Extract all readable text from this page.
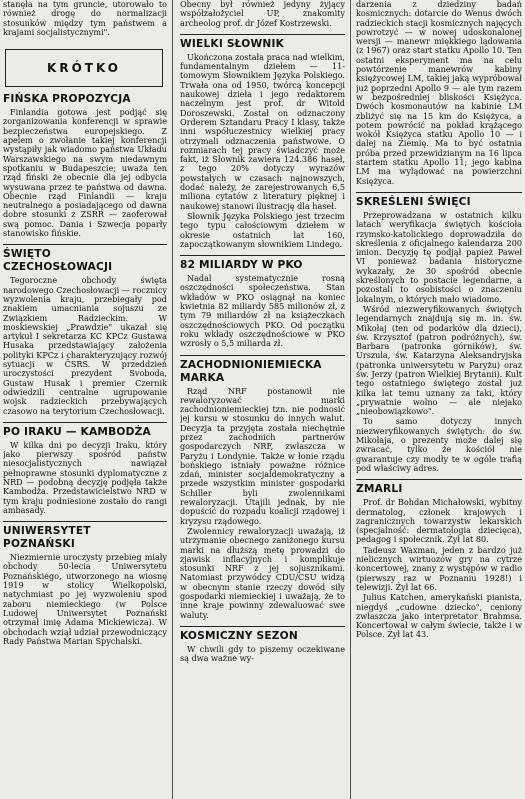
stanęła na tym gruncie, utorowało to również drogę do normalizacji stosunków między tym państwem a krajami socjalistycznymi".

KRÓTKO
FIŃSKA PROPOZYCJA

Finlandia gotowa jest podjąć się zorganizowania konferencji w sprawie bezpieczeństwa europejskiego. Z apelem o zwołanie takiej konferencji wystąpiły jak wiadomo państwa Układu Warszawskiego na swym niedawnym spotkaniu w Budapeszcie; uważa ten rząd fiński że obecnie dla jej odbycia wysuwana przez te państwa od dawna. Obecnie rząd Finlandii — kraju neutralnego a posiadającego od dawna dobre stosunki z ZSRR — zaoferował swą pomoc. Dania i Szwecja poparły stanowisko fińskie.

ŚWIĘTO
CZECHOSŁOWACJI

Tegoroczne obchody święta narodowego Czechosłowacji — rocznicy wyzwolenia kraju, przebiegały pod znakiem umacniania sojuszu ze Związkiem Radzieckim. W moskiewskiej „Prawdzie" ukazał się artykuł I sekretarza KC KPCz Gustawa Husaka przedstawiający założenia polityki KPCz i charakteryzujący rozwój sytuacji w ČSRS. W przeddzień uroczystości prezydent Svoboda, Gustaw Husak i premier Czernik odwiedzili centralne ugrupowanie wojsk radzieckich przebywających czasowo na terytorium Czechosłowacji.

PO IRAKU — KAMBODŻA

W kilka dni po decyzji Iraku, który jako pierwszy spośród państw niesocjalistycznych nawiązał pełnoprawne stosunki dyplomatyczne z NRD — podobną decyzję podjęła także Kambodża. Przedstawicielstwo NRD w tym kraju podniesione zostało do rangi ambasady.

UNIWERSYTET
POZNAŃSKI

Niezmiernie uroczysty przebieg miały obchody 50-lecia Uniwersytetu Poznańskiego, utworzonego na wiosnę 1919 w stolicy Wielkopolski, natychmiast po jej wyzwoleniu spod zaboru niemieckiego (w Polsce Ludowej Uniwersytet Poznański otrzymał imię Adama Mickiewicza). W obchodach wziął udział przewodniczący Rady Państwa Marian Spychalski.

Obecny był również jedyny żyjący współzałożyciel UP, znakomity archeolog prof. dr Józef Kostrzewski.

WIELKI SŁOWNIK

Ukończona została praca nad wielkim, fundamentalnym dziełem — 11-tomowym Słownikiem Języka Polskiego. Trwała ona od 1950, twórcą koncepcji naukowej dzieła i jego redaktorem naczelnym jest prof. dr Witold Doroszewski. Został on odznaczony Orderem Sztandaru Pracy I klasy, także inni współuczestnicy wielkiej pracy otrzymali odznaczenia państwowe. O rozmiarach tej pracy świadczyć może fakt, iż Słownik zawiera 124.386 haseł, z tego 20% dotyczy wyrazów powstałych w czasach najnowszych, dodać należy, że zarejestrowanych 6,5 miliona cytatów z literatury pięknej i naukowej stanowi ilustrację dla haseł.

Słownik Języka Polskiego jest trzecim tego typu całościowym dziełem w okresie ostatnich lat 160, zapoczątkowanym słownikiem Lindego.

82 MILIARDY W PKO

Nadal systematycznie rosną oszczędności społeczeństwa. Stan wkładów w PKO osiągnął na koniec kwietnia 82 miliardy 585 milionów zł, z tym 79 miliardów zł na książeczkach oszczędnościowych PKO. Od początku roku wkłady oszczędnościowe w PKO wzrosły o 5,5 miliarda zł.

ZACHODNIONIEMIECKA
MARKA

Rząd NRF postanowił nie rewaloryzować marki zachodnioniemieckiej tzn. nie podnosić jej kursu w stosunku do innych walut. Decyzja ta przyjęta została niechętnie przez zachodnich partnerów gospodarczych NRF, zwłaszcza w Paryżu i Londynie. Także w łonie rządu bońskiego istniały poważne różnice zdań, minister socjaldemokratyczny a przede wszystkim minister gospodarki Schiller byli zwolennikami rewaloryzacji. Utajili jednak, by nie dopuścić do rozpadu koalicji rządowej i kryzysu rządowego.

Zwolennicy rewaloryzacji uważają, iż utrzymanie obecnego zaniżonego kursu marki na dłuższą metę prowadzi do zjawisk inflacyjnych i komplikuje stosunki NRF z jej sojusznikami. Natomiast przywódcy CDU/CSU widzą w obecnym stanie rzeczy dowód siły gospodarki niemieckiej i uważają, że to inne kraje powinny zdewaluować swe waluty.

KOSMICZNY SEZON

W chwili gdy to piszemy oczekiwane są dwa ważne wy-

darzenia z dziedziny badań kosmicznych: dotarcie do Wenus dwóch radzieckich stacji kosmicznych najęcych powrotzyć — w nowej udoskonalonej wersji — manewr miękkiego lądowania (z 1967) oraz start statku Apollo 10. Ten ostatni eksperyment ma na celu powtórzenie manewrów kabiny księżycowej LM, takiej jaką wypróbował już poprzedni Apollo 9 — ale tym razem w bezpośredniej bliskości Księżyca. Dwóch kosmonautów na kabinie LM zbliżyć się na 15 km do Księżyca, a potem powrócić na pokład krążącego wokół Księżyca statku Apollo 10 — i dalej na Ziemię. Ma to być ostatnia próba przed przewidzianym na 16 lipca startem statku Apollo 11; jego kabina LM ma wylądować na powierzchni Księżyca.

SKREŚLENI ŚWIĘCI

Przeprowadzana w ostatnich kilku latach weryfikacja świętych kościoła rzymsko-katolickiego doprowadziła do skreślenia z oficjalnego kalendarza 200 imion. Decyzję tę podjął papież Paweł VI ponieważ badania historyczne wykazały, że 30 spośród obecnie skreślonych to postacie legendarne, a pozostali to osobistości o znaczeniu lokalnym, o których mało wiadomo.

Wśród niezweryfikowanych świętych legendarnych znajdują się m. in. św. Mikołaj (ten od podarków dla dzieci), św. Krzysztof (patron podróżnych), św. Barbara (patronka górników), św. Urszula, św. Katarzyna Aleksandryjska (patronka uniwersytetu w Paryżu) oraz św. Jerzy (patron Wielkiej Brytanii). Kult tego ostatniego świętego został już kilka lat temu uznany za taki, który „prywatnie wolno — ale niejako „nieobowiązkowo".

To samo dotyczy innych niezweryfikowanych świętych: do św. Mikołaja, o prezenty może dalej się zwracać, tylko że kościół nie gwarantuje czy modły te w ogóle trafią pod właściwy adres.

ZMARLI

Prof. dr Bohdan Michałowski, wybitny dermatolog, członek krajowych i zagranicznych towarzystw lekarskich (specjalność: dermatologia dziecięca), pedagog i społecznik. Żył lat 80.

Tadeusz Waxman, jeden z bardzo już nielicznych wirtuozów gry na cytrze koncertowej, znany z występów w radio (pierwszy raz w Poznaniu 1928!) i telewizji. Żył lat 66.

Julius Katchen, amerykański pianista, niegdyś „cudowne dziecko", ceniony zwłaszcza jako interpretator Brahmsa. Koncertował w całym świecie, także i w Polsce. Żył lat 43.
